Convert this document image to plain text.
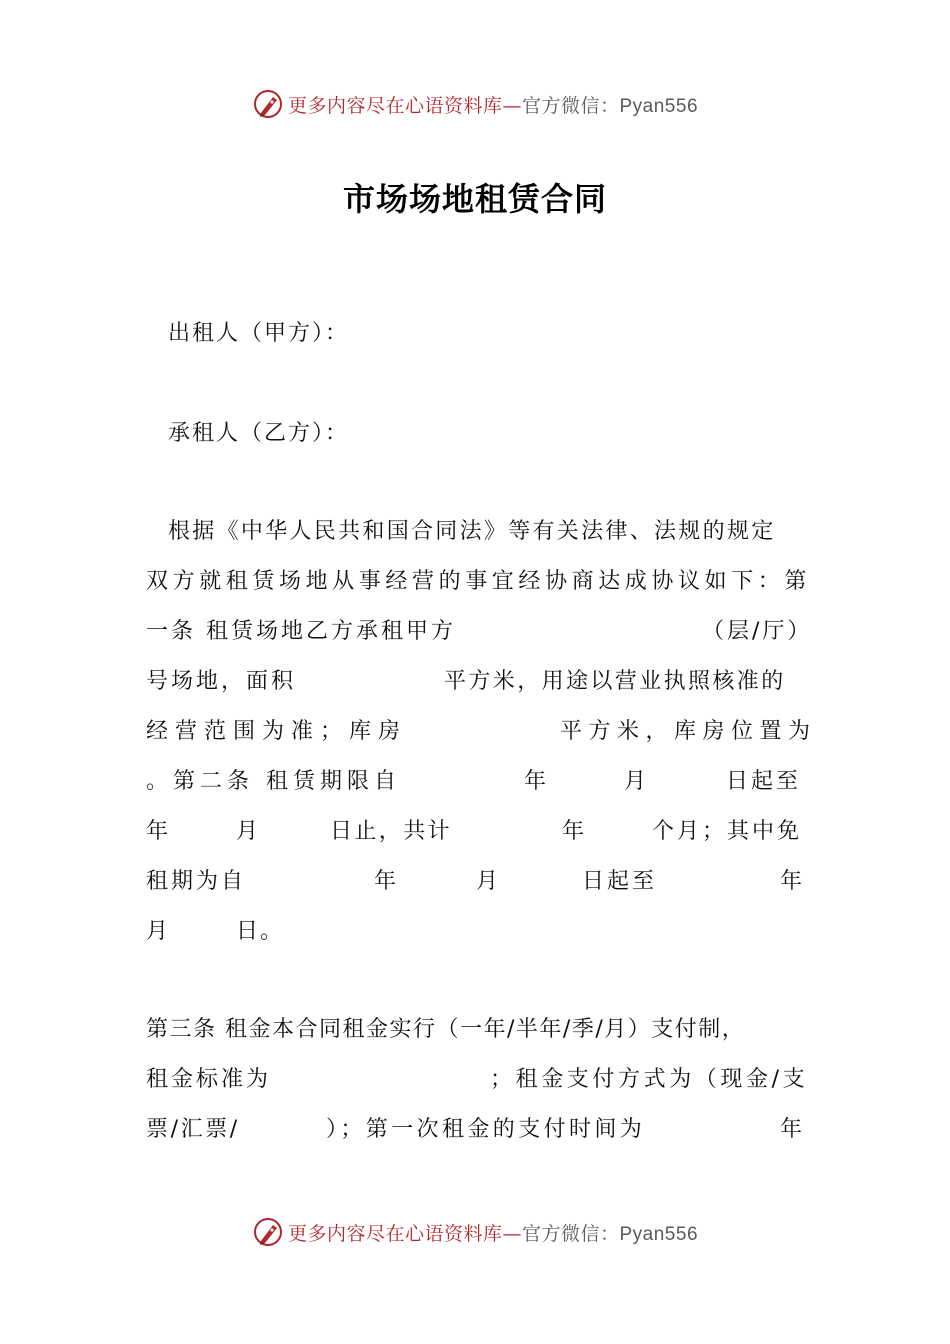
更多内容尽在心语资料库—官方微信：Pyan556
市场场地租赁合同
出租人（甲方）：
承租人（乙方）：
根据《中华人民共和国合同法》等有关法律、法规的规定
双方就租赁场地从事经营的事宜经协商达成协议如下：第
一条 租赁场地乙方承租甲方	（层/厅）
号场地，面积	平方米，用途以营业执照核准的
经营范围为准；库房	平方米，库房位置为
。第二条 租赁期限自	年	月	日起至
年	月	日止，共计	年	个月；其中免
租期为自	年	月	日起至	年
月	日。
第三条 租金本合同租金实行（一年/半年/季/月）支付制，
租金标准为	；租金支付方式为（现金/支
票/汇票/	）；第一次租金的支付时间为	年
更多内容尽在心语资料库—官方微信：Pyan556
